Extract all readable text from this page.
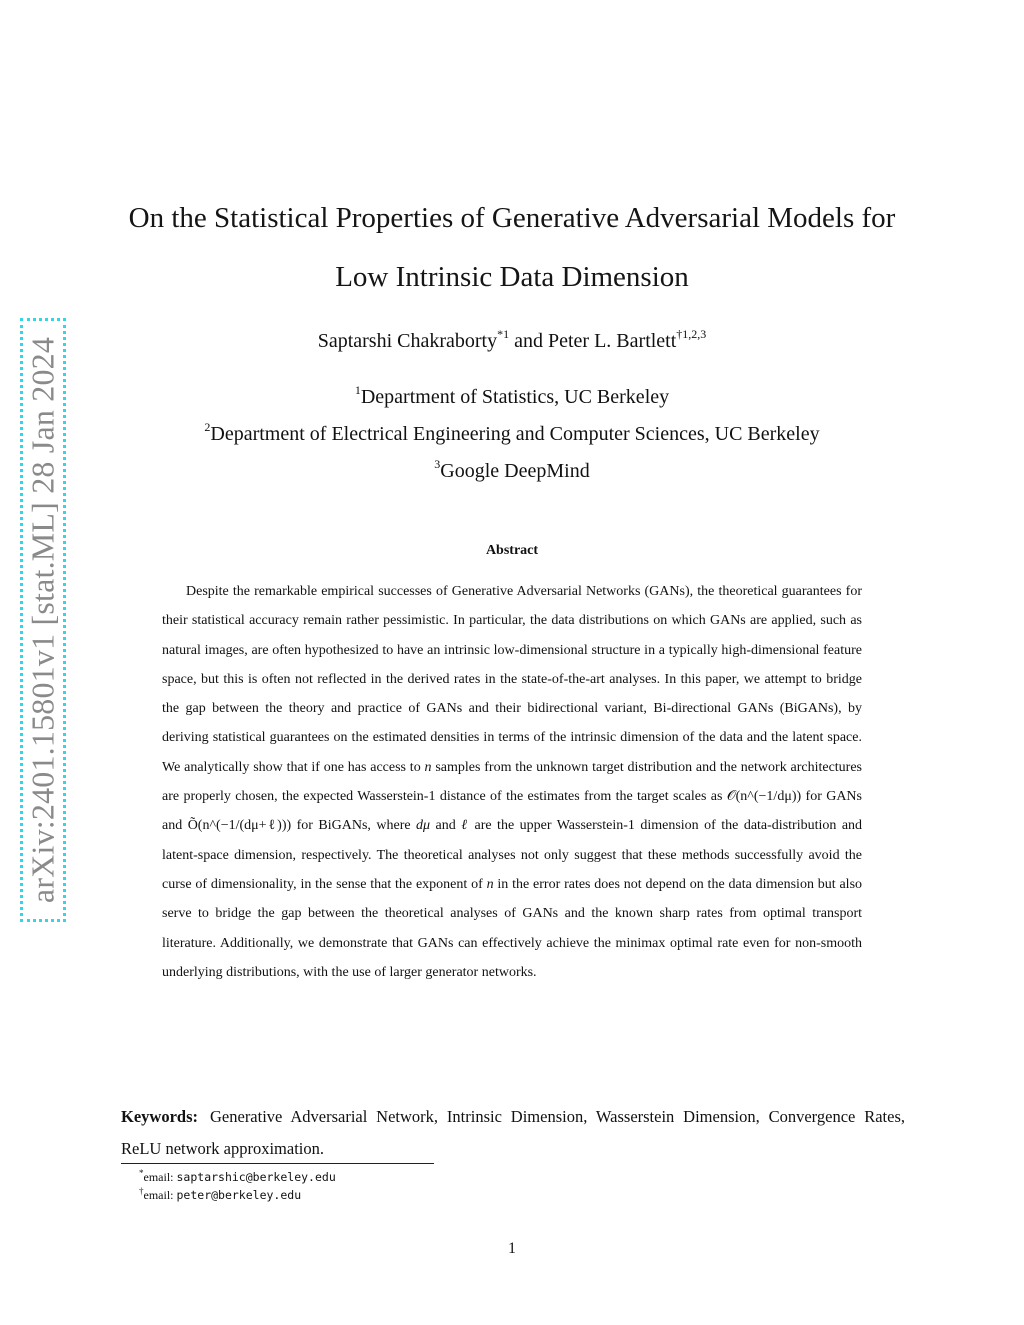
arXiv:2401.15801v1 [stat.ML] 28 Jan 2024
On the Statistical Properties of Generative Adversarial Models for
Low Intrinsic Data Dimension
Saptarshi Chakraborty$^{*1}$ and Peter L. Bartlett$^{\dagger 1,2,3}$
$^1$Department of Statistics, UC Berkeley
$^2$Department of Electrical Engineering and Computer Sciences, UC Berkeley
$^3$Google DeepMind
Abstract
Despite the remarkable empirical successes of Generative Adversarial Networks (GANs), the theoretical guarantees for their statistical accuracy remain rather pessimistic. In particular, the data distributions on which GANs are applied, such as natural images, are often hypothesized to have an intrinsic low-dimensional structure in a typically high-dimensional feature space, but this is often not reflected in the derived rates in the state-of-the-art analyses. In this paper, we attempt to bridge the gap between the theory and practice of GANs and their bidirectional variant, Bi-directional GANs (BiGANs), by deriving statistical guarantees on the estimated densities in terms of the intrinsic dimension of the data and the latent space. We analytically show that if one has access to n samples from the unknown target distribution and the network architectures are properly chosen, the expected Wasserstein-1 distance of the estimates from the target scales as 𝒪(n^(−1/dμ)) for GANs and Õ(n^(−1/(dμ+ℓ))) for BiGANs, where dμ and ℓ are the upper Wasserstein-1 dimension of the data-distribution and latent-space dimension, respectively. The theoretical analyses not only suggest that these methods successfully avoid the curse of dimensionality, in the sense that the exponent of n in the error rates does not depend on the data dimension but also serve to bridge the gap between the theoretical analyses of GANs and the known sharp rates from optimal transport literature. Additionally, we demonstrate that GANs can effectively achieve the minimax optimal rate even for non-smooth underlying distributions, with the use of larger generator networks.
Keywords: Generative Adversarial Network, Intrinsic Dimension, Wasserstein Dimension, Convergence Rates, ReLU network approximation.
*email: saptarshic@berkeley.edu
†email: peter@berkeley.edu
1
